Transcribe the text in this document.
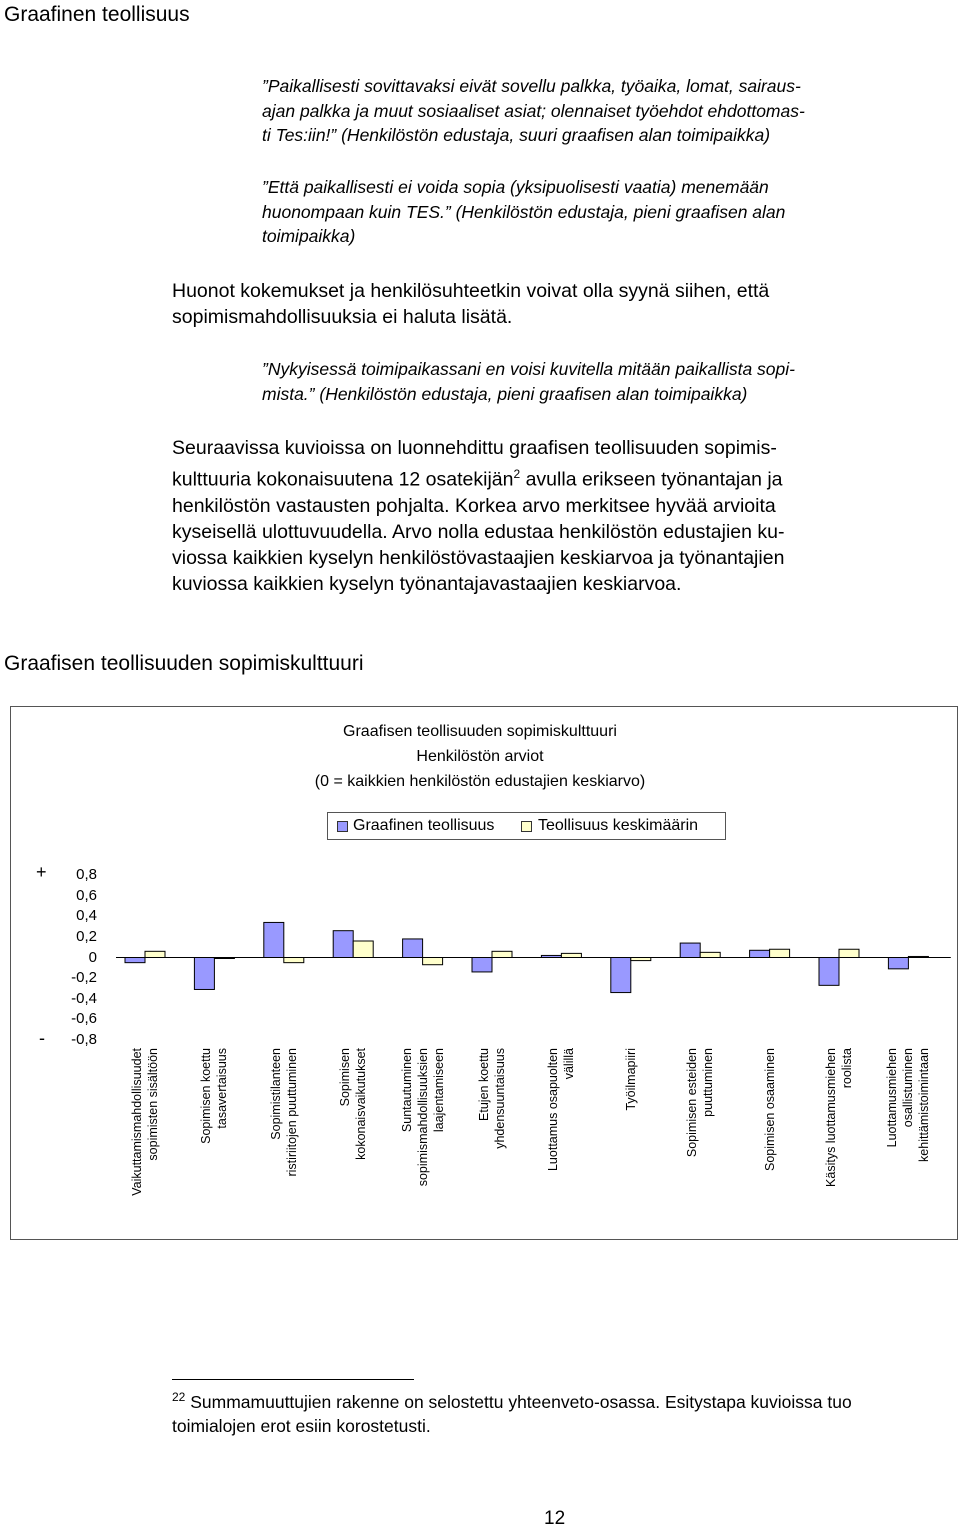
Graafinen teollisuus
”Paikallisesti sovittavaksi eivät sovellu palkka, työaika, lomat, sairaus-
ajan palkka ja muut sosiaaliset asiat; olennaiset työehdot ehdottomas-
ti Tes:iin!” (Henkilöstön edustaja, suuri graafisen alan toimipaikka)
”Että paikallisesti ei voida sopia (yksipuolisesti vaatia) menemään
huonompaan kuin TES.” (Henkilöstön edustaja, pieni graafisen alan
toimipaikka)
Huonot kokemukset ja henkilösuhteetkin voivat olla syynä siihen, että
sopimismahdollisuuksia ei haluta lisätä.
”Nykyisessä toimipaikassani en voisi kuvitella mitään paikallista sopi-
mista.” (Henkilöstön edustaja, pieni graafisen alan toimipaikka)
Seuraavissa kuvioissa on luonnehdittu graafisen teollisuuden sopimis-
kulttuuria kokonaisuutena 12 osatekijän$^2$ avulla erikseen työnantajan ja
henkilöstön vastausten pohjalta. Korkea arvo merkitsee hyvää arvioita
kyseisellä ulottuvuudella. Arvo nolla edustaa henkilöstön edustajien ku-
viossa kaikkien kyselyn henkilöstövastaajien keskiarvoa ja työnantajien
kuviossa kaikkien kyselyn työnantajavastaajien keskiarvoa.
Graafisen teollisuuden sopimiskulttuuri
Graafisen teollisuuden sopimiskulttuuri
Henkilöstön arviot
(0 = kaikkien henkilöstön edustajien keskiarvo)
Graafinen teollisuus	Teollisuus keskimäärin
+
-
0,8
0,6
0,4
0,2
0
-0,2
-0,4
-0,6
-0,8
Vaikuttamismahdollisuudet sopimisten sisältöön	Sopimisen koettu tasavertaisuus	Sopimistilanteen ristiriitojen puuttuminen	Sopimisen kokonaisvaikutukset	Suntautuminen sopimismahdollisuuksien laajentamiseen	Etujen koettu yhdensuuntaisuus	Luottamus osapuolten välillä	Työilmapiiri	Sopimisen esteiden puuttuminen	Sopimisen osaaminen	Käsitys luottamusmiehen roolista	Luottamusmiehen osallistuminen kehittämistoimintaan
$^{22}$ Summamuuttujien rakenne on selostettu yhteenveto-osassa. Esitystapa kuvioissa tuo
toimialojen erot esiin korostetusti.
12
